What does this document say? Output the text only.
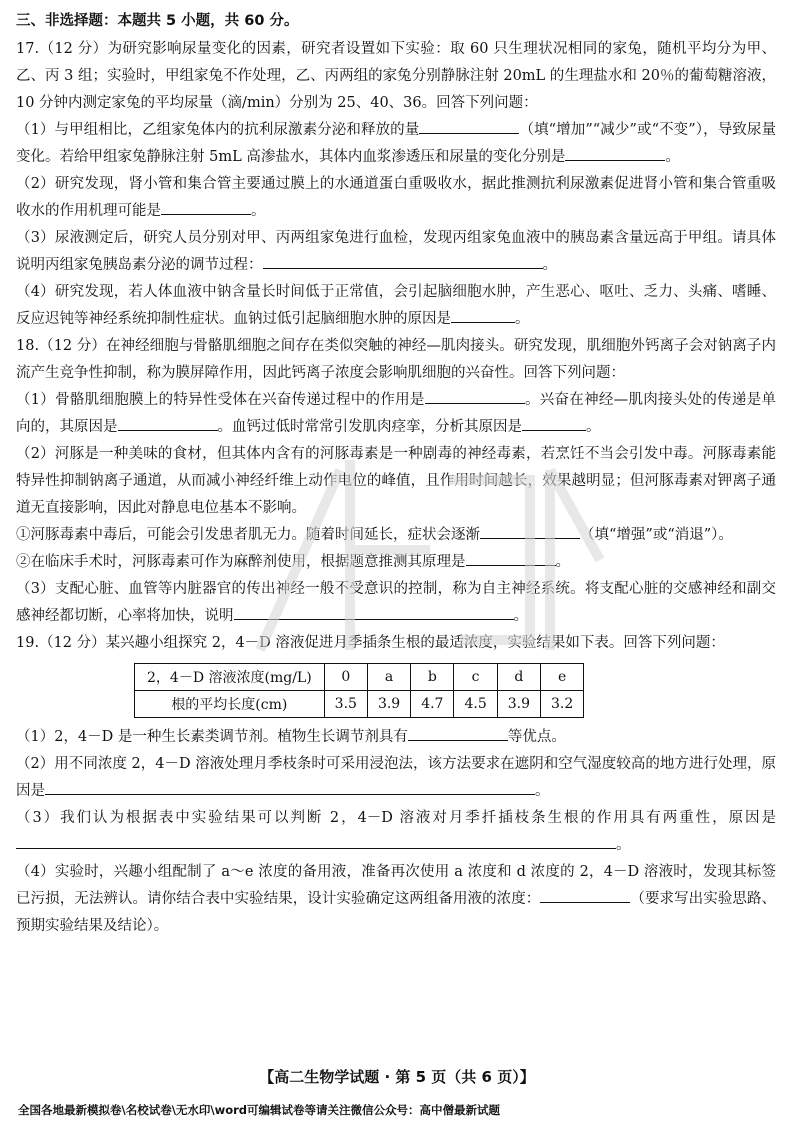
三、非选择题：本题共 5 小题，共 60 分。

17.（12 分）为研究影响尿量变化的因素，研究者设置如下实验：取 60 只生理状况相同的家兔，随机平均分为甲、乙、丙 3 组；实验时，甲组家兔不作处理，乙、丙两组的家兔分别静脉注射 20mL 的生理盐水和 20％的葡萄糖溶液，10 分钟内测定家兔的平均尿量（滴/min）分别为 25、40、36。回答下列问题：

（1）与甲组相比，乙组家兔体内的抗利尿激素分泌和释放的量	（填“增加”“减少”或“不变”），导致尿量变化。若给甲组家兔静脉注射 5mL 高渗盐水，其体内血浆渗透压和尿量的变化分别是	。

（2）研究发现，肾小管和集合管主要通过膜上的水通道蛋白重吸收水，据此推测抗利尿激素促进肾小管和集合管重吸收水的作用机理可能是	。

（3）尿液测定后，研究人员分别对甲、丙两组家兔进行血检，发现丙组家兔血液中的胰岛素含量远高于甲组。请具体说明丙组家兔胰岛素分泌的调节过程：	。

（4）研究发现，若人体血液中钠含量长时间低于正常值，会引起脑细胞水肿，产生恶心、呕吐、乏力、头痛、嗜睡、反应迟钝等神经系统抑制性症状。血钠过低引起脑细胞水肿的原因是	。

18.（12 分）在神经细胞与骨骼肌细胞之间存在类似突触的神经—肌肉接头。研究发现，肌细胞外钙离子会对钠离子内流产生竞争性抑制，称为膜屏障作用，因此钙离子浓度会影响肌细胞的兴奋性。回答下列问题：

（1）骨骼肌细胞膜上的特异性受体在兴奋传递过程中的作用是	。兴奋在神经—肌肉接头处的传递是单向的，其原因是	。血钙过低时常常引发肌肉痉挛，分析其原因是	。

（2）河豚是一种美味的食材，但其体内含有的河豚毒素是一种剧毒的神经毒素，若烹饪不当会引发中毒。河豚毒素能特异性抑制钠离子通道，从而减小神经纤维上动作电位的峰值，且作用时间越长，效果越明显；但河豚毒素对钾离子通道无直接影响，因此对静息电位基本不影响。

①河豚毒素中毒后，可能会引发患者肌无力。随着时间延长，症状会逐渐	（填“增强”或“消退”）。

②在临床手术时，河豚毒素可作为麻醉剂使用，根据题意推测其原理是	。

（3）支配心脏、血管等内脏器官的传出神经一般不受意识的控制，称为自主神经系统。将支配心脏的交感神经和副交感神经都切断，心率将加快，说明	。

19.（12 分）某兴趣小组探究 2，4－D 溶液促进月季插条生根的最适浓度，实验结果如下表。回答下列问题：

2，4－D 溶液浓度(mg/L)	0	a	b	c	d	e
根的平均长度(cm)	3.5	3.9	4.7	4.5	3.9	3.2

（1）2，4－D 是一种生长素类调节剂。植物生长调节剂具有	等优点。

（2）用不同浓度 2，4－D 溶液处理月季枝条时可采用浸泡法，该方法要求在遮阴和空气湿度较高的地方进行处理，原因是	。

（3）我们认为根据表中实验结果可以判断 2，4－D 溶液对月季扦插枝条生根的作用具有两重性，原因是。

（4）实验时，兴趣小组配制了 a～e 浓度的备用液，准备再次使用 a 浓度和 d 浓度的 2，4－D 溶液时，发现其标签已污损，无法辨认。请你结合表中实验结果，设计实验确定这两组备用液的浓度：	（要求写出实验思路、预期实验结果及结论）。

【高二生物学试题 · 第 5 页（共 6 页）】
全国各地最新模拟卷\名校试卷\无水印\word可编辑试卷等请关注微信公众号：高中僧最新试题
